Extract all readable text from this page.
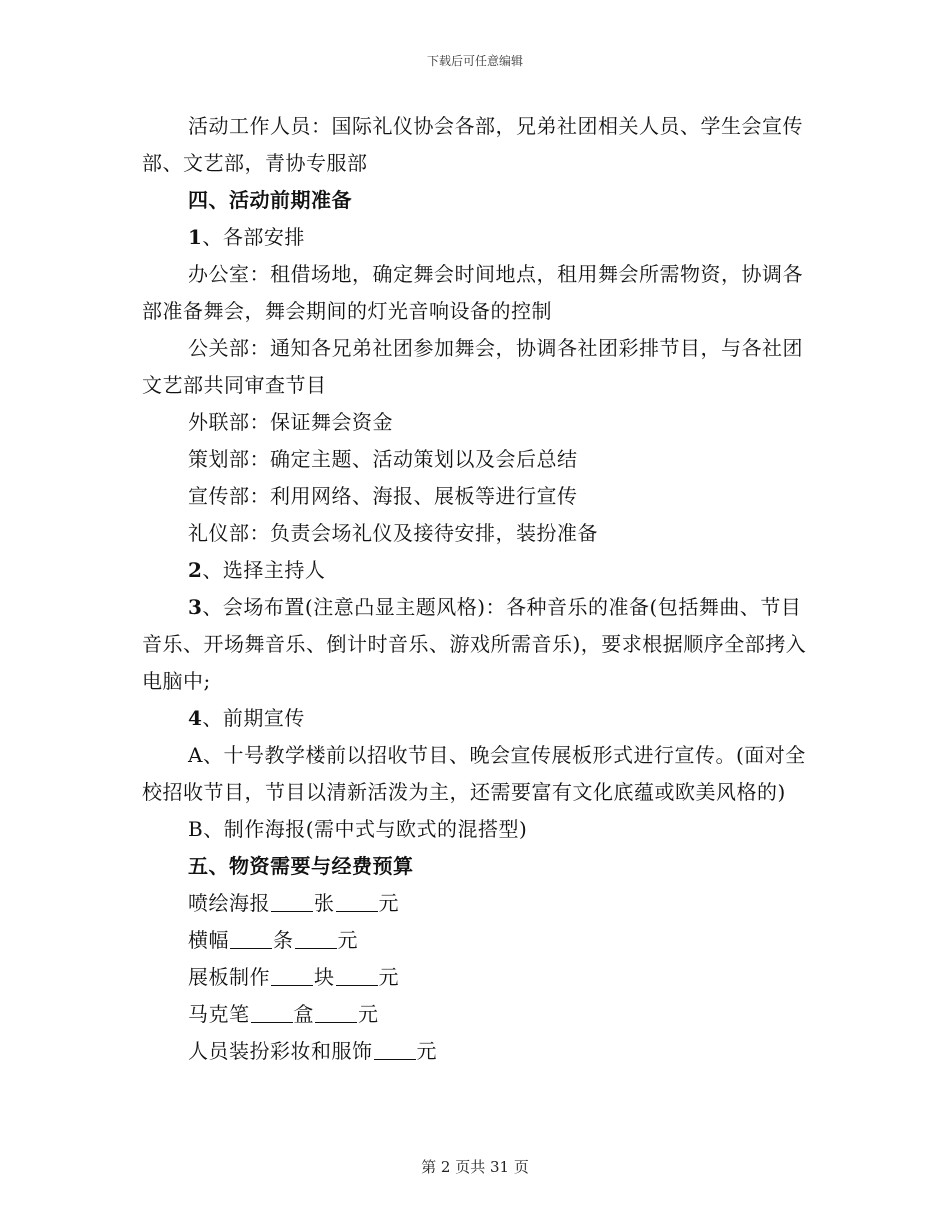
下载后可任意编辑

活动工作人员：国际礼仪协会各部，兄弟社团相关人员、学生会宣传部、文艺部，青协专服部

四、活动前期准备

1、各部安排

办公室：租借场地，确定舞会时间地点，租用舞会所需物资，协调各部准备舞会，舞会期间的灯光音响设备的控制

公关部：通知各兄弟社团参加舞会，协调各社团彩排节目，与各社团文艺部共同审查节目

外联部：保证舞会资金

策划部：确定主题、活动策划以及会后总结

宣传部：利用网络、海报、展板等进行宣传

礼仪部：负责会场礼仪及接待安排，装扮准备

2、选择主持人

3、会场布置(注意凸显主题风格)：各种音乐的准备(包括舞曲、节目音乐、开场舞音乐、倒计时音乐、游戏所需音乐)，要求根据顺序全部拷入电脑中;

4、前期宣传

A、十号教学楼前以招收节目、晚会宣传展板形式进行宣传。(面对全校招收节目，节目以清新活泼为主，还需要富有文化底蕴或欧美风格的)

B、制作海报(需中式与欧式的混搭型)

五、物资需要与经费预算

喷绘海报 张 元

横幅 条 元

展板制作 块 元

马克笔 盒 元

人员装扮彩妆和服饰 元

第 2 页共 31 页
